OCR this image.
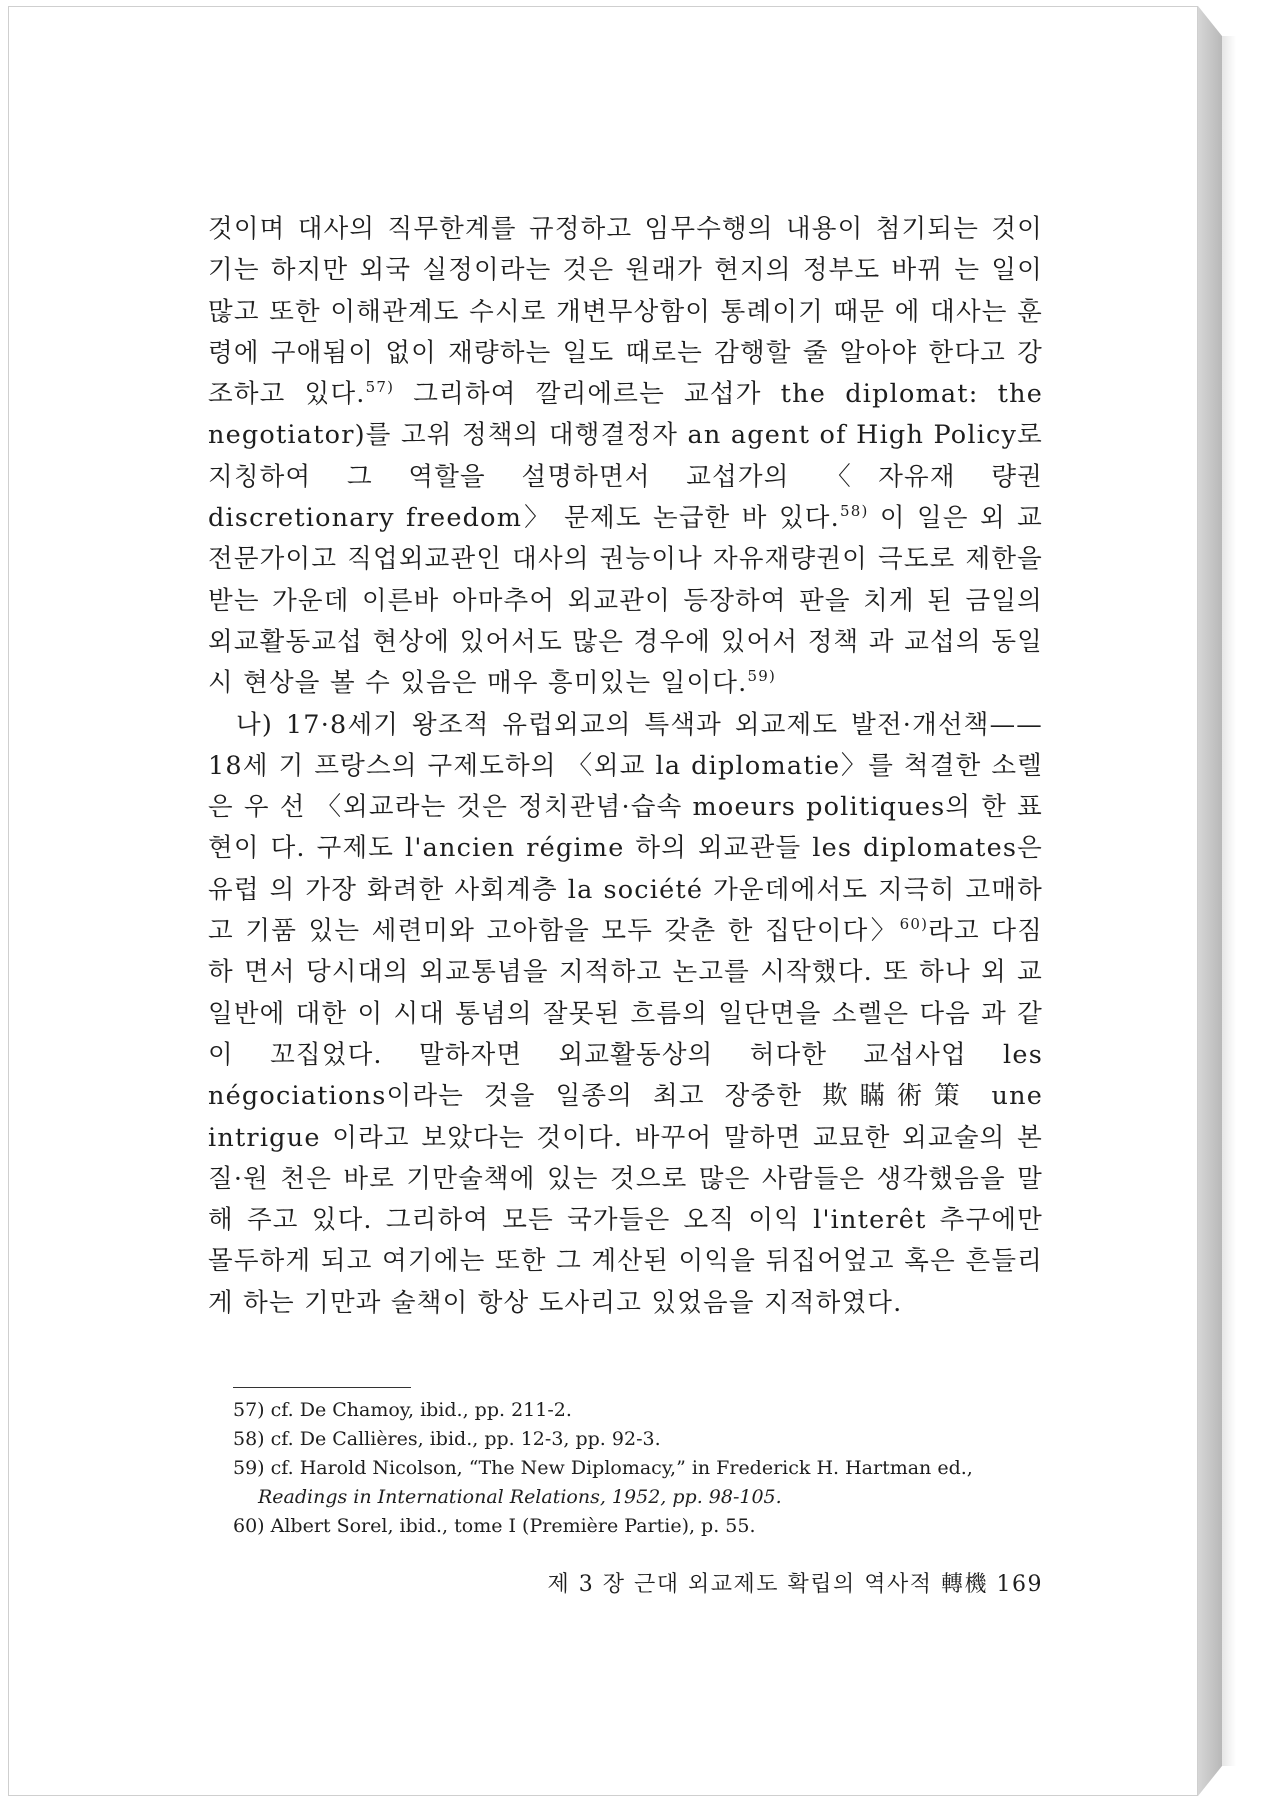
것이며 대사의 직무한계를 규정하고 임무수행의 내용이 첨기되는 것이기는 하지만 외국 실정이라는 것은 원래가 현지의 정부도 바뀌 는 일이 많고 또한 이해관계도 수시로 개변무상함이 통례이기 때문 에 대사는 훈령에 구애됨이 없이 재량하는 일도 때로는 감행할 줄 알아야 한다고 강조하고 있다.$^{57)}$ 그리하여 깔리에르는 교섭가 the diplomat: the negotiator)를 고위 정책의 대행결정자 an agent of High Policy로 지칭하여 그 역할을 설명하면서 교섭가의 〈자유재 량권 discretionary freedom〉 문제도 논급한 바 있다.$^{58)}$ 이 일은 외 교전문가이고 직업외교관인 대사의 권능이나 자유재량권이 극도로 제한을 받는 가운데 이른바 아마추어 외교관이 등장하여 판을 치게 된 금일의 외교활동교섭 현상에 있어서도 많은 경우에 있어서 정책 과 교섭의 동일시 현상을 볼 수 있음은 매우 흥미있는 일이다.$^{59)}$

나) 17·8세기 왕조적 유럽외교의 특색과 외교제도 발전·개선책——18세 기 프랑스의 구제도하의 〈외교 la diplomatie〉를 척결한 소렐은 우 선 〈외교라는 것은 정치관념·습속 moeurs politiques의 한 표현이 다. 구제도 l'ancien régime 하의 외교관들 les diplomates은 유럽 의 가장 화려한 사회계층 la société 가운데에서도 지극히 고매하고 기품 있는 세련미와 고아함을 모두 갖춘 한 집단이다〉$^{60)}$라고 다짐하 면서 당시대의 외교통념을 지적하고 논고를 시작했다. 또 하나 외 교 일반에 대한 이 시대 통념의 잘못된 흐름의 일단면을 소렐은 다음 과 같이 꼬집었다. 말하자면 외교활동상의 허다한 교섭사업 les négociations이라는 것을 일종의 최고 장중한 欺瞞術策 une intrigue 이라고 보았다는 것이다. 바꾸어 말하면 교묘한 외교술의 본질·원 천은 바로 기만술책에 있는 것으로 많은 사람들은 생각했음을 말해 주고 있다. 그리하여 모든 국가들은 오직 이익 l'interêt 추구에만 몰두하게 되고 여기에는 또한 그 계산된 이익을 뒤집어엎고 혹은 흔들리게 하는 기만과 술책이 항상 도사리고 있었음을 지적하였다.

57) cf. De Chamoy, ibid., pp. 211-2.
58) cf. De Callières, ibid., pp. 12-3, pp. 92-3.
59) cf. Harold Nicolson, “The New Diplomacy,” in Frederick H. Hartman ed.,
Readings in International Relations, 1952, pp. 98-105.
60) Albert Sorel, ibid., tome I (Première Partie), p. 55.
제 3 장 근대 외교제도 확립의 역사적 轉機 169
